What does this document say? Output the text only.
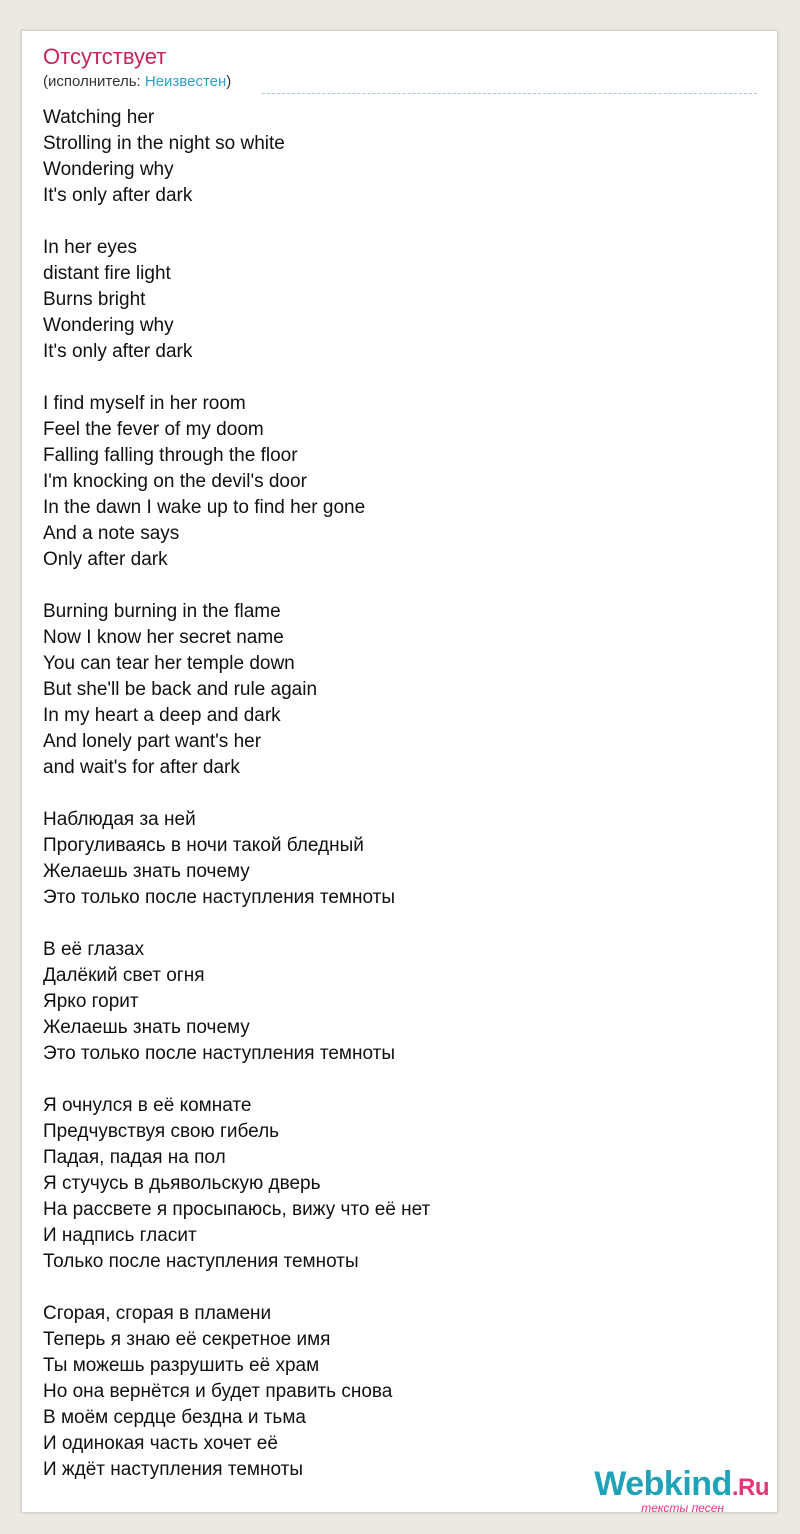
Отсутствует
(исполнитель: Неизвестен)
Watching her
Strolling in the night so white
Wondering why
It's only after dark
In her eyes
distant fire light
Burns bright
Wondering why
It's only after dark
I find myself in her room
Feel the fever of my doom
Falling falling through the floor
I'm knocking on the devil's door
In the dawn I wake up to find her gone
And a note says
Only after dark
Burning burning in the flame
Now I know her secret name
You can tear her temple down
But she'll be back and rule again
In my heart a deep and dark
And lonely part want's her
and wait's for after dark
Наблюдая за ней
Прогуливаясь в ночи такой бледный
Желаешь знать почему
Это только после наступления темноты
В её глазах
Далёкий свет огня
Ярко горит
Желаешь знать почему
Это только после наступления темноты
Я очнулся в её комнате
Предчувствуя свою гибель
Падая, падая на пол
Я стучусь в дьявольскую дверь
На рассвете я просыпаюсь, вижу что её нет
И надпись гласит
Только после наступления темноты
Сгорая, сгорая в пламени
Теперь я знаю её секретное имя
Ты можешь разрушить её храм
Но она вернётся и будет править снова
В моём сердце бездна и тьма
И одинокая часть хочет её
И ждёт наступления темноты	Webkind.Ru
тексты песен
